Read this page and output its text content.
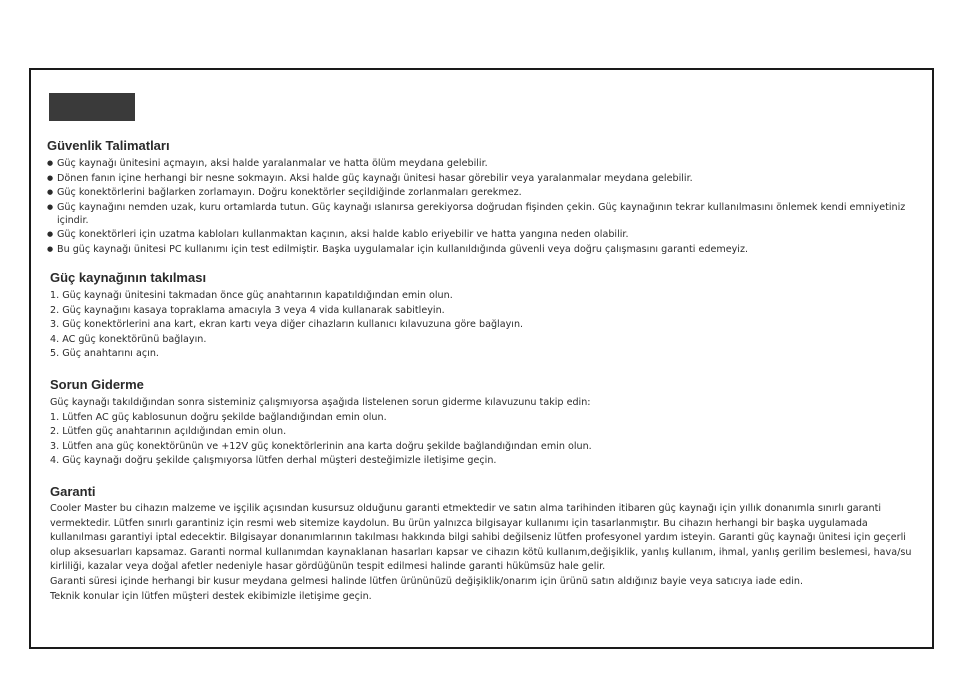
Güvenlik Talimatları
● Güç kaynağı ünitesini açmayın, aksi halde yaralanmalar ve hatta ölüm meydana gelebilir.
● Dönen fanın içine herhangi bir nesne sokmayın. Aksi halde güç kaynağı ünitesi hasar görebilir veya yaralanmalar meydana gelebilir.
● Güç konektörlerini bağlarken zorlamayın. Doğru konektörler seçildiğinde zorlanmaları gerekmez.
● Güç kaynağını nemden uzak, kuru ortamlarda tutun. Güç kaynağı ıslanırsa gerekiyorsa doğrudan fişinden çekin. Güç kaynağının tekrar kullanılmasını önlemek kendi emniyetiniz içindir.
● Güç konektörleri için uzatma kabloları kullanmaktan kaçının, aksi halde kablo eriyebilir ve hatta yangına neden olabilir.
● Bu güç kaynağı ünitesi PC kullanımı için test edilmiştir. Başka uygulamalar için kullanıldığında güvenli veya doğru çalışmasını garanti edemeyiz.
Güç kaynağının takılması
1. Güç kaynağı ünitesini takmadan önce güç anahtarının kapatıldığından emin olun.
2. Güç kaynağını kasaya topraklama amacıyla 3 veya 4 vida kullanarak sabitleyin.
3. Güç konektörlerini ana kart, ekran kartı veya diğer cihazların kullanıcı kılavuzuna göre bağlayın.
4. AC güç konektörünü bağlayın.
5. Güç anahtarını açın.
Sorun Giderme
Güç kaynağı takıldığından sonra sisteminiz çalışmıyorsa aşağıda listelenen sorun giderme kılavuzunu takip edin:
1. Lütfen AC güç kablosunun doğru şekilde bağlandığından emin olun.
2. Lütfen güç anahtarının açıldığından emin olun.
3. Lütfen ana güç konektörünün ve +12V güç konektörlerinin ana karta doğru şekilde bağlandığından emin olun.
4. Güç kaynağı doğru şekilde çalışmıyorsa lütfen derhal müşteri desteğimizle iletişime geçin.
Garanti
Cooler Master bu cihazın malzeme ve işçilik açısından kusursuz olduğunu garanti etmektedir ve satın alma tarihinden itibaren güç kaynağı için yıllık donanımla sınırlı garanti vermektedir. Lütfen sınırlı garantiniz için resmi web sitemize kaydolun. Bu ürün yalnızca bilgisayar kullanımı için tasarlanmıştır. Bu cihazın herhangi bir başka uygulamada kullanılması garantiyi iptal edecektir. Bilgisayar donanımlarının takılması hakkında bilgi sahibi değilseniz lütfen profesyonel yardım isteyin. Garanti güç kaynağı ünitesi için geçerli olup aksesuarları kapsamaz. Garanti normal kullanımdan kaynaklanan hasarları kapsar ve cihazın kötü kullanım,değişiklik, yanlış kullanım, ihmal, yanlış gerilim beslemesi, hava/su kirliliği, kazalar veya doğal afetler nedeniyle hasar gördüğünün tespit edilmesi halinde garanti hükümsüz hale gelir.
Garanti süresi içinde herhangi bir kusur meydana gelmesi halinde lütfen ürününüzü değişiklik/onarım için ürünü satın aldığınız bayie veya satıcıya iade edin.
Teknik konular için lütfen müşteri destek ekibimizle iletişime geçin.
